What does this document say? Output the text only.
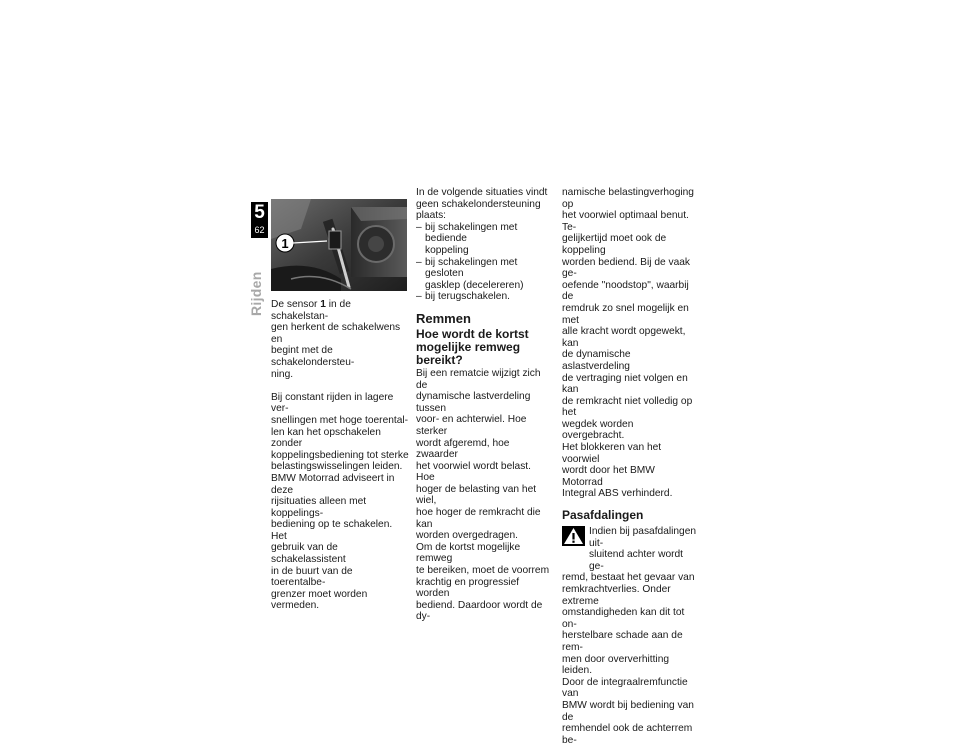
5
62
Rijden
1

De sensor 1 in de schakelstan-

gen herkent de schakelwens en

begint met de schakelondersteu-

ning.

Bij constant rijden in lagere ver-

snellingen met hoge toerental-

len kan het opschakelen zonder

koppelingsbediening tot sterke

belastingswisselingen leiden.

BMW Motorrad adviseert in deze

rijsituaties alleen met koppelings-

bediening op te schakelen. Het

gebruik van de schakelassistent

in de buurt van de toerentalbe-

grenzer moet worden vermeden.

In de volgende situaties vindt

geen schakelondersteuning

plaats:

– bij schakelingen met bediende

koppeling

– bij schakelingen met gesloten

gasklep (decelereren)

– bij terugschakelen.

Remmen
Hoe wordt de kortst
mogelijke remweg
bereikt?

Bij een rematcie wijzigt zich de

dynamische lastverdeling tussen

voor- en achterwiel. Hoe sterker

wordt afgeremd, hoe zwaarder

het voorwiel wordt belast. Hoe

hoger de belasting van het wiel,

hoe hoger de remkracht die kan

worden overgedragen.

Om de kortst mogelijke remweg

te bereiken, moet de voorrem

krachtig en progressief worden

bediend. Daardoor wordt de dy-

namische belastingverhoging op

het voorwiel optimaal benut. Te-

gelijkertijd moet ook de koppeling

worden bediend. Bij de vaak ge-

oefende "noodstop", waarbij de

remdruk zo snel mogelijk en met

alle kracht wordt opgewekt, kan

de dynamische aslastverdeling

de vertraging niet volgen en kan

de remkracht niet volledig op het

wegdek worden overgebracht.

Het blokkeren van het voorwiel

wordt door het BMW Motorrad

Integral ABS verhinderd.

Pasafdalingen

Indien bij pasafdalingen uit-

sluitend achter wordt ge-

remd, bestaat het gevaar van

remkrachtverlies. Onder extreme

omstandigheden kan dit tot on-

herstelbare schade aan de rem-

men door oververhitting leiden.

Door de integraalremfunctie van

BMW wordt bij bediening van de

remhendel ook de achterrem be-
